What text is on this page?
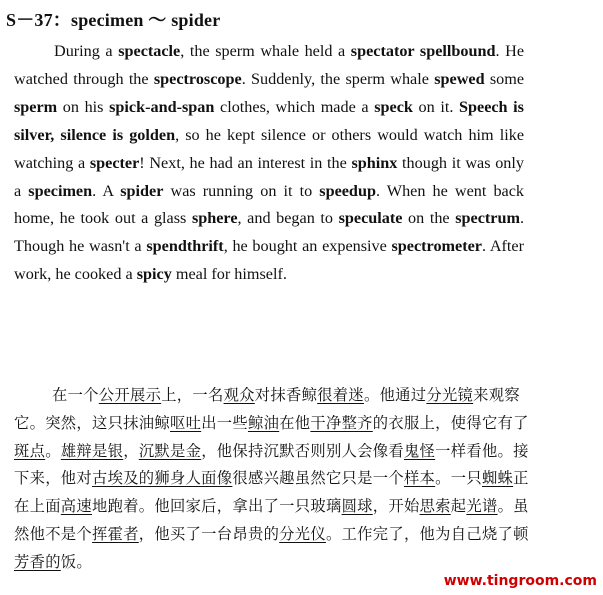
S－37：specimen ～ spider

During a spectacle, the sperm whale held a spectator spellbound. He watched through the spectroscope. Suddenly, the sperm whale spewed some sperm on his spick-and-span clothes, which made a speck on it. Speech is silver, silence is golden, so he kept silence or others would watch him like watching a specter! Next, he had an interest in the sphinx though it was only a specimen. A spider was running on it to speedup. When he went back home, he took out a glass sphere, and began to speculate on the spectrum. Though he wasn't a spendthrift, he bought an expensive spectrometer. After work, he cooked a spicy meal for himself.

在一个公开展示上，一名观众对抹香鲸很着迷。他通过分光镜来观察它。突然，这只抹油鲸呕吐出一些鲸油在他干净整齐的衣服上，使得它有了斑点。雄辩是银，沉默是金，他保持沉默否则别人会像看鬼怪一样看他。接下来，他对古埃及的狮身人面像很感兴趣虽然它只是一个样本。一只蜘蛛正在上面高速地跑着。他回家后，拿出了一只玻璃圆球，开始思索起光谱。虽然他不是个挥霍者，他买了一台昂贵的分光仪。工作完了，他为自己烧了顿芳香的饭。

www.tingroom.com
